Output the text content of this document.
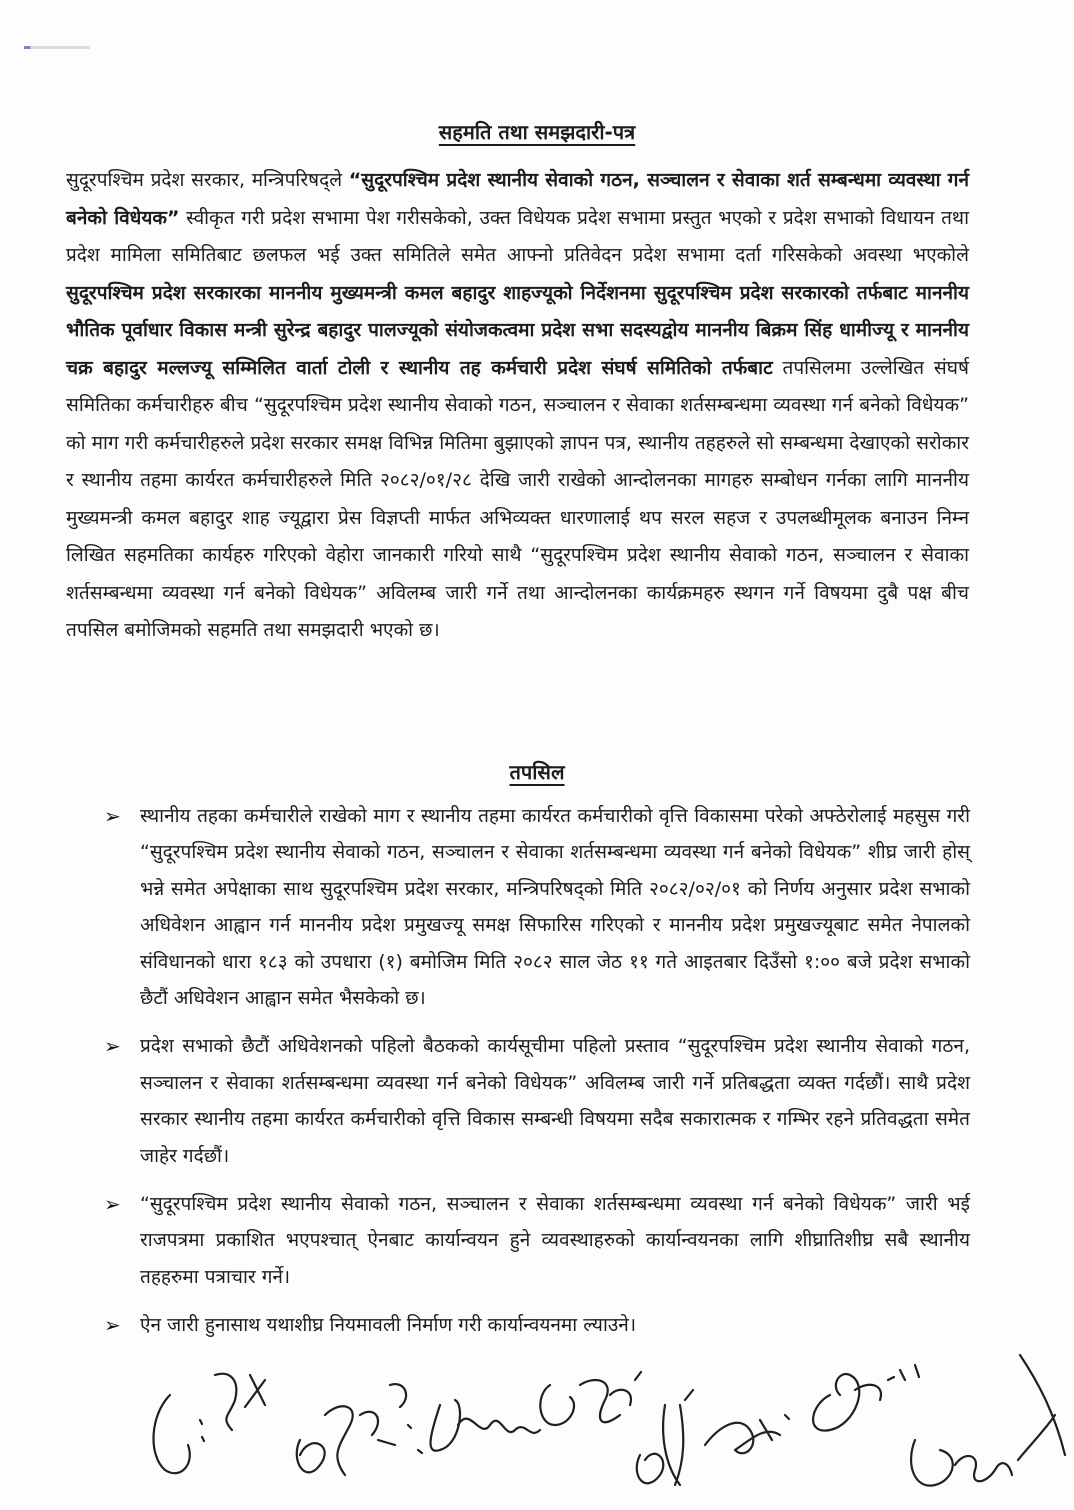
सहमति तथा समझदारी-पत्र

सुदूरपश्चिम प्रदेश सरकार, मन्त्रिपरिषद्ले “सुदूरपश्चिम प्रदेश स्थानीय सेवाको गठन, सञ्चालन र सेवाका शर्त सम्बन्धमा व्यवस्था गर्न बनेको विधेयक” स्वीकृत गरी प्रदेश सभामा पेश गरीसकेको, उक्त विधेयक प्रदेश सभामा प्रस्तुत भएको र प्रदेश सभाको विधायन तथा प्रदेश मामिला समितिबाट छलफल भई उक्त समितिले समेत आफ्नो प्रतिवेदन प्रदेश सभामा दर्ता गरिसकेको अवस्था भएकोले सुदूरपश्चिम प्रदेश सरकारका माननीय मुख्यमन्त्री कमल बहादुर शाहज्यूको निर्देशनमा सुदूरपश्चिम प्रदेश सरकारको तर्फबाट माननीय भौतिक पूर्वाधार विकास मन्त्री सुरेन्द्र बहादुर पालज्यूको संयोजकत्वमा प्रदेश सभा सदस्यद्वोय माननीय बिक्रम सिंह धामीज्यू र माननीय चक्र बहादुर मल्लज्यू सम्मिलित वार्ता टोली र स्थानीय तह कर्मचारी प्रदेश संघर्ष समितिको तर्फबाट तपसिलमा उल्लेखित संघर्ष समितिका कर्मचारीहरु बीच “सुदूरपश्चिम प्रदेश स्थानीय सेवाको गठन, सञ्चालन र सेवाका शर्तसम्बन्धमा व्यवस्था गर्न बनेको विधेयक” को माग गरी कर्मचारीहरुले प्रदेश सरकार समक्ष विभिन्न मितिमा बुझाएको ज्ञापन पत्र, स्थानीय तहहरुले सो सम्बन्धमा देखाएको सरोकार र स्थानीय तहमा कार्यरत कर्मचारीहरुले मिति २०८२/०१/२८ देखि जारी राखेको आन्दोलनका मागहरु सम्बोधन गर्नका लागि माननीय मुख्यमन्त्री कमल बहादुर शाह ज्यूद्वारा प्रेस विज्ञप्ती मार्फत अभिव्यक्त धारणालाई थप सरल सहज र उपलब्धीमूलक बनाउन निम्न लिखित सहमतिका कार्यहरु गरिएको वेहोरा जानकारी गरियो साथै “सुदूरपश्चिम प्रदेश स्थानीय सेवाको गठन, सञ्चालन र सेवाका शर्तसम्बन्धमा व्यवस्था गर्न बनेको विधेयक” अविलम्ब जारी गर्ने तथा आन्दोलनका कार्यक्रमहरु स्थगन गर्ने विषयमा दुबै पक्ष बीच तपसिल बमोजिमको सहमति तथा समझदारी भएको छ।

तपसिल
➢ स्थानीय तहका कर्मचारीले राखेको माग र स्थानीय तहमा कार्यरत कर्मचारीको वृत्ति विकासमा परेको अफ्ठेरोलाई महसुस गरी “सुदूरपश्चिम प्रदेश स्थानीय सेवाको गठन, सञ्चालन र सेवाका शर्तसम्बन्धमा व्यवस्था गर्न बनेको विधेयक” शीघ्र जारी होस् भन्ने समेत अपेक्षाका साथ सुदूरपश्चिम प्रदेश सरकार, मन्त्रिपरिषद्को मिति २०८२/०२/०१ को निर्णय अनुसार प्रदेश सभाको अधिवेशन आह्वान गर्न माननीय प्रदेश प्रमुखज्यू समक्ष सिफारिस गरिएको र माननीय प्रदेश प्रमुखज्यूबाट समेत नेपालको संविधानको धारा १८३ को उपधारा (१) बमोजिम मिति २०८२ साल जेठ ११ गते आइतबार दिउँसो १:०० बजे प्रदेश सभाको छैटौं अधिवेशन आह्वान समेत भैसकेको छ।
➢ प्रदेश सभाको छैटौं अधिवेशनको पहिलो बैठकको कार्यसूचीमा पहिलो प्रस्ताव “सुदूरपश्चिम प्रदेश स्थानीय सेवाको गठन, सञ्चालन र सेवाका शर्तसम्बन्धमा व्यवस्था गर्न बनेको विधेयक” अविलम्ब जारी गर्ने प्रतिबद्धता व्यक्त गर्दछौं। साथै प्रदेश सरकार स्थानीय तहमा कार्यरत कर्मचारीको वृत्ति विकास सम्बन्धी विषयमा सदैब सकारात्मक र गम्भिर रहने प्रतिवद्धता समेत जाहेर गर्दछौं।
➢ “सुदूरपश्चिम प्रदेश स्थानीय सेवाको गठन, सञ्चालन र सेवाका शर्तसम्बन्धमा व्यवस्था गर्न बनेको विधेयक” जारी भई राजपत्रमा प्रकाशित भएपश्चात् ऐनबाट कार्यान्वयन हुने व्यवस्थाहरुको कार्यान्वयनका लागि शीघ्रातिशीघ्र सबै स्थानीय तहहरुमा पत्राचार गर्ने।
➢ ऐन जारी हुनासाथ यथाशीघ्र नियमावली निर्माण गरी कार्यान्वयनमा ल्याउने।
